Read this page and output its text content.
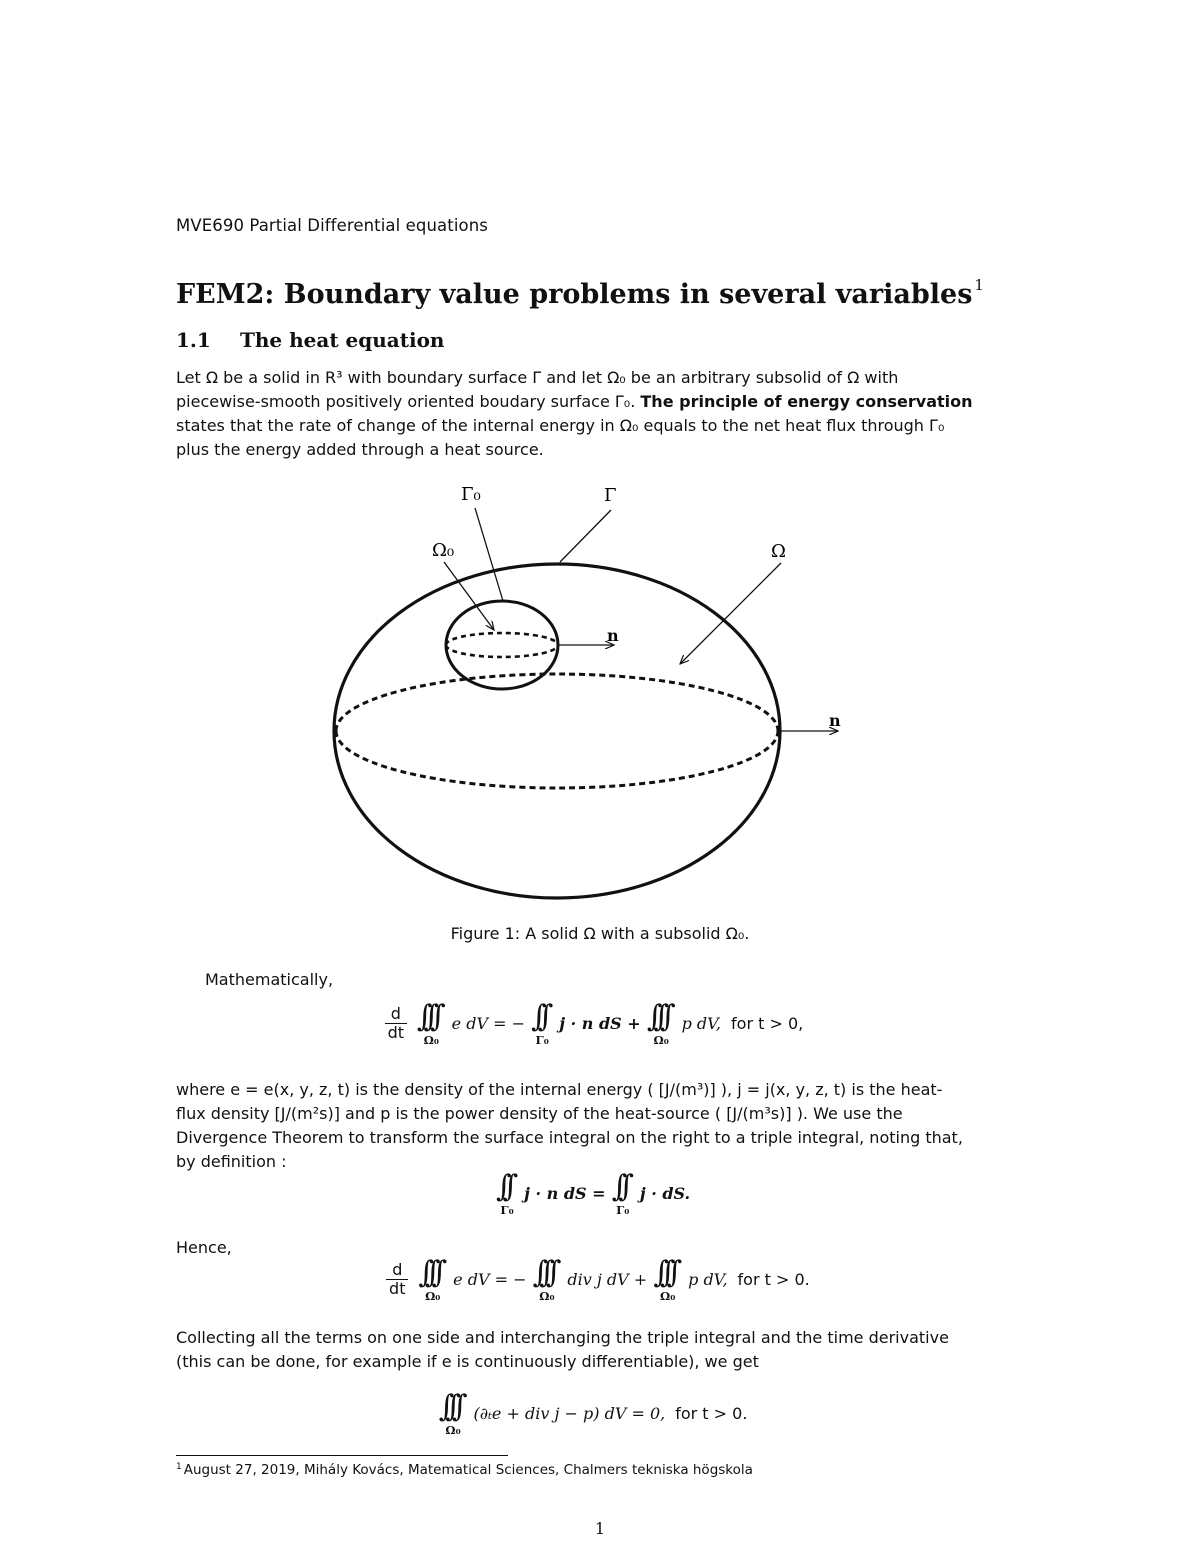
MVE690 Partial Differential equations
FEM2: Boundary value problems in several variables $^1$
1.1 The heat equation

Let Ω be a solid in R³ with boundary surface Γ and let Ω₀ be an arbitrary subsolid of Ω with

piecewise-smooth positively oriented boudary surface Γ₀. The principle of energy conservation

states that the rate of change of the internal energy in Ω₀ equals to the net heat flux through Γ₀

plus the energy added through a heat source.

Γ₀	Γ
Ω₀	Ω
n
n
Figure 1: A solid Ω with a subsolid Ω₀.
Mathematically,
$\frac{d}{dt}$ ∫∫∫
Ω₀
e dV = − ∫∫
Γ₀
j · n dS + ∫∫∫
Ω₀
p dV, for t > 0,

where e = e(x, y, z, t) is the density of the internal energy ( [J/(m³)] ), j = j(x, y, z, t) is the heat-

flux density [J/(m²s)] and p is the power density of the heat-source ( [J/(m³s)] ). We use the

Divergence Theorem to transform the surface integral on the right to a triple integral, noting that,

by definition :

∫∫
Γ₀
j · n dS = ∫∫
Γ₀
j · dS.
Hence,
$\frac{d}{dt}$ ∫∫∫
Ω₀
e dV = − ∫∫∫
Ω₀
div j dV + ∫∫∫
Ω₀
p dV, for t > 0.

Collecting all the terms on one side and interchanging the triple integral and the time derivative

(this can be done, for example if e is continuously differentiable), we get

∫∫∫
Ω₀
(∂ₜe + div j − p) dV = 0, for t > 0.
$^1$ August 27, 2019, Mihály Kovács, Matematical Sciences, Chalmers tekniska högskola
1
